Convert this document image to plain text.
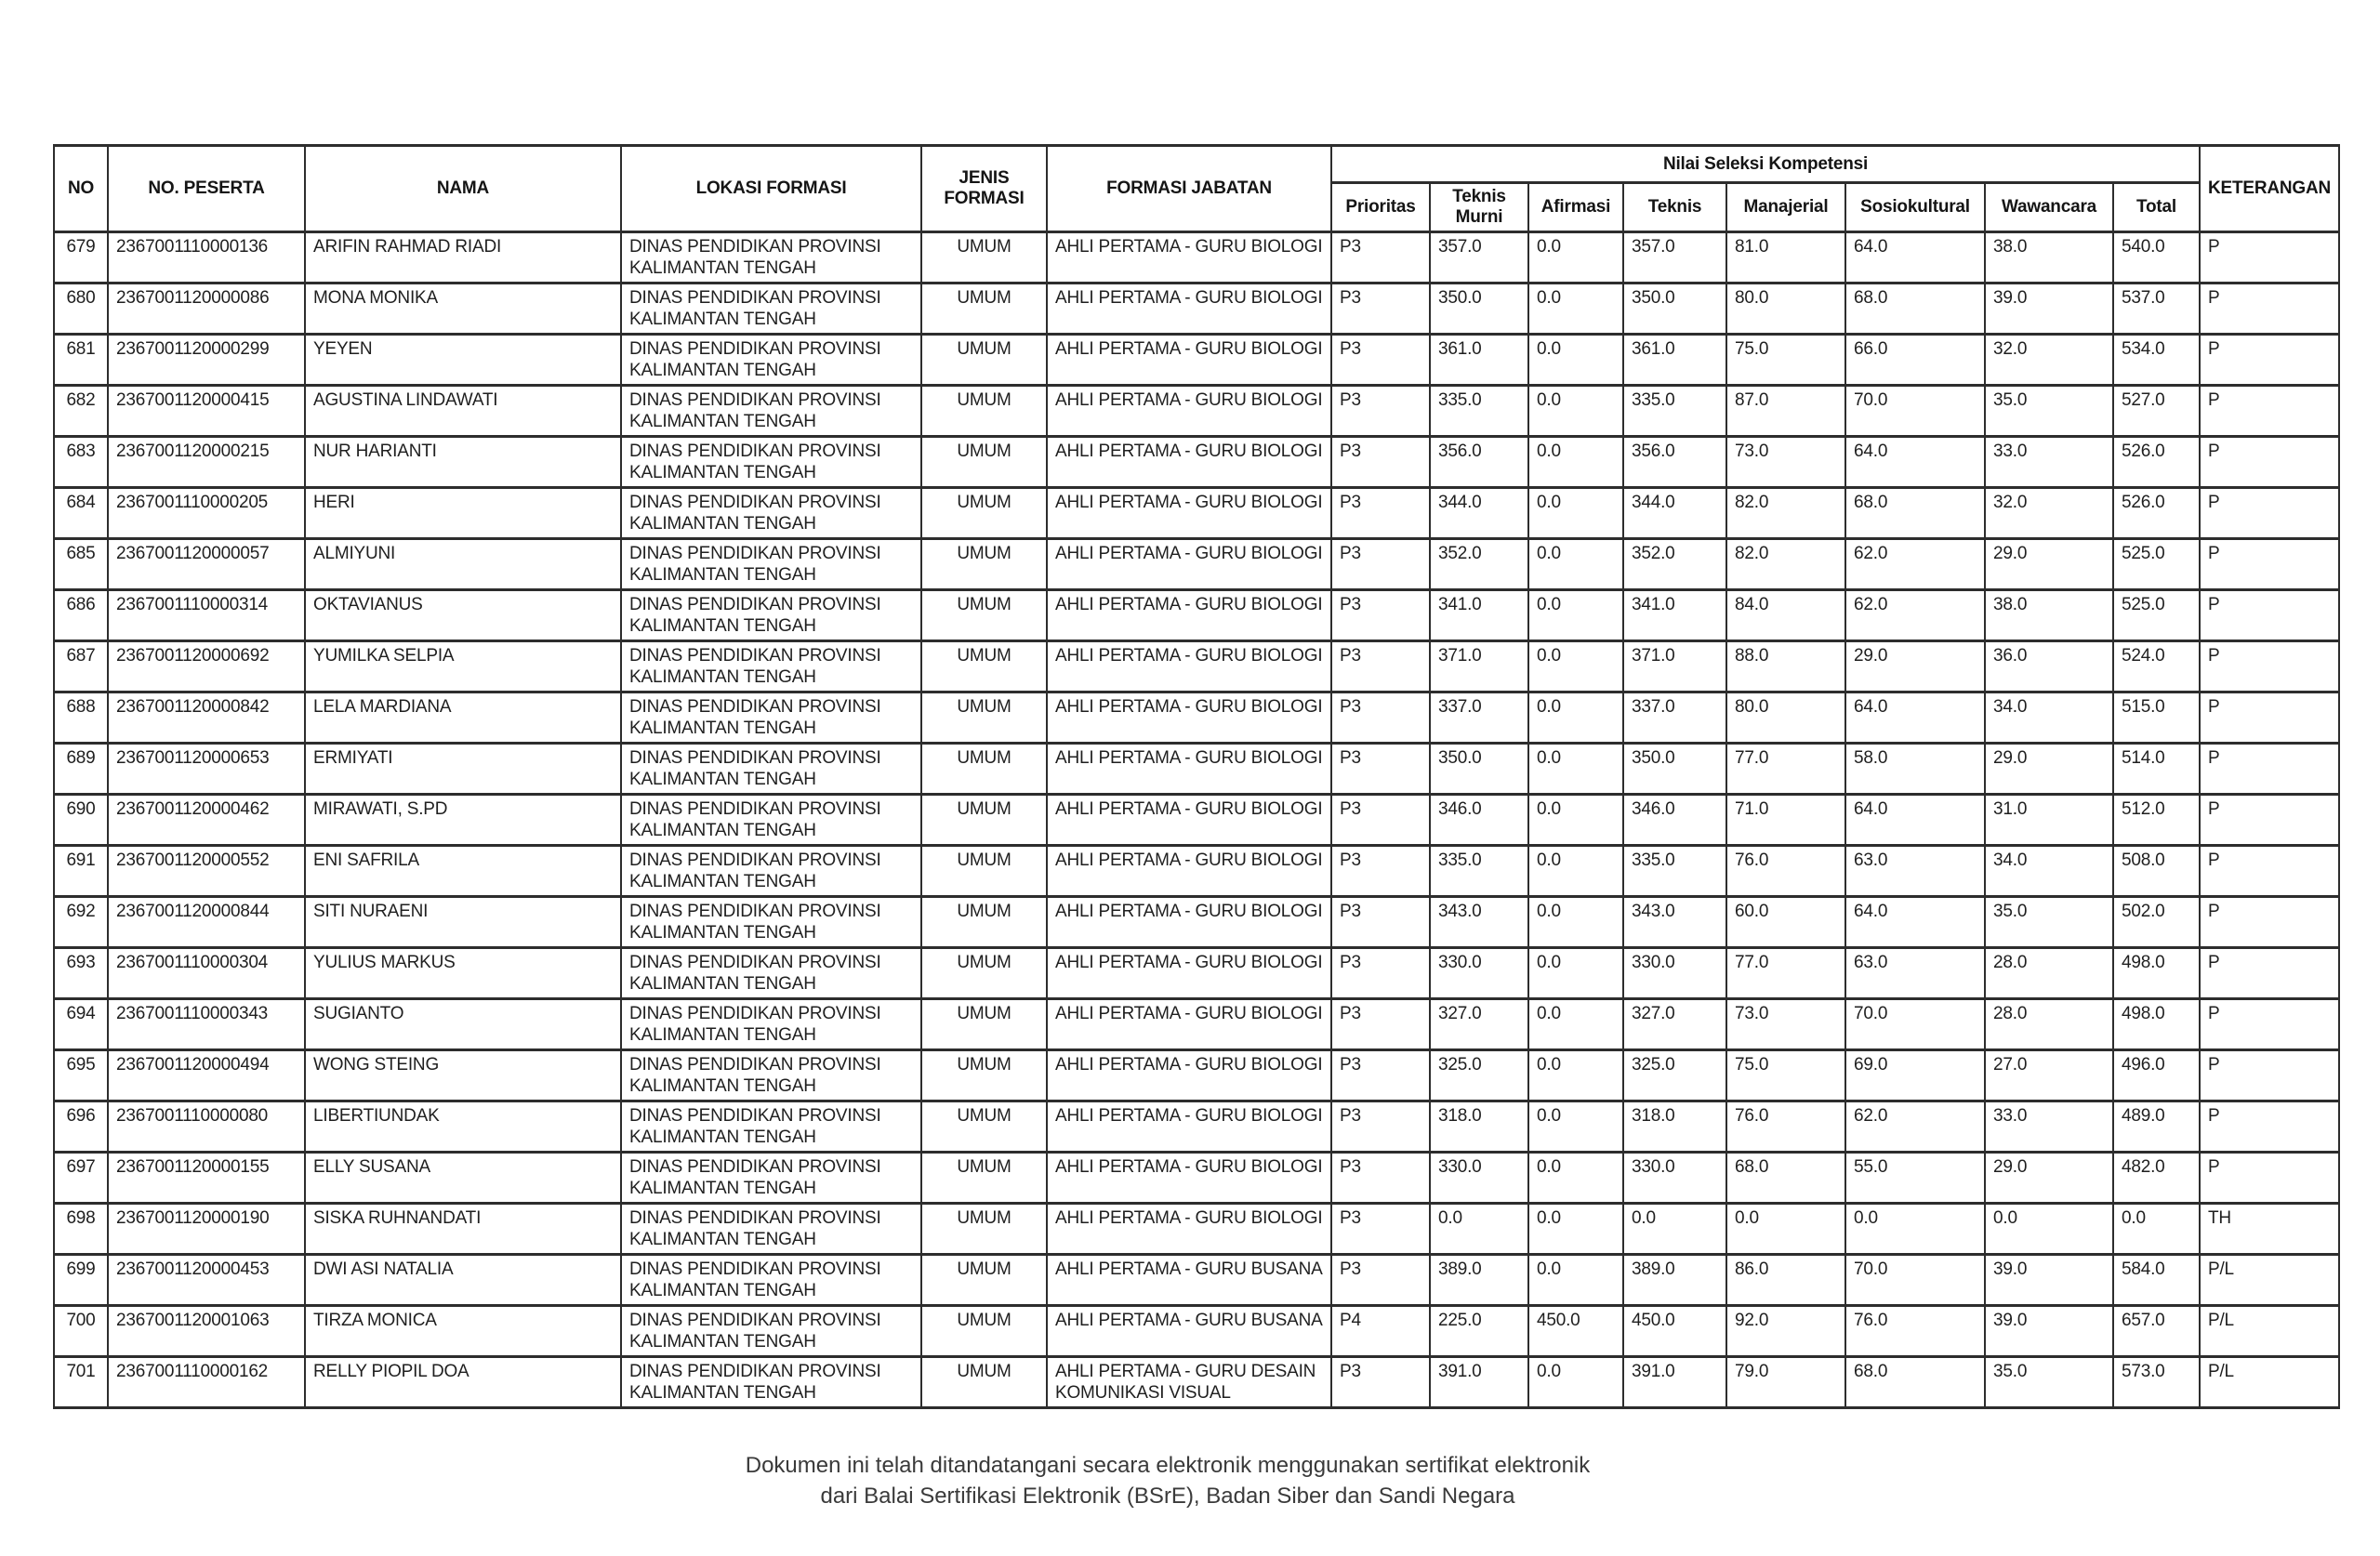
NO	NO. PESERTA	NAMA	LOKASI FORMASI	JENIS FORMASI	FORMASI JABATAN	Nilai Seleksi Kompetensi								KETERANGAN
						Prioritas	Teknis Murni	Afirmasi	Teknis	Manajerial	Sosiokultural	Wawancara	Total	
679	2367001110000136	ARIFIN RAHMAD RIADI	DINAS PENDIDIKAN PROVINSI KALIMANTAN TENGAH	UMUM	AHLI PERTAMA - GURU BIOLOGI	P3	357.0	0.0	357.0	81.0	64.0	38.0	540.0	P
680	2367001120000086	MONA MONIKA	DINAS PENDIDIKAN PROVINSI KALIMANTAN TENGAH	UMUM	AHLI PERTAMA - GURU BIOLOGI	P3	350.0	0.0	350.0	80.0	68.0	39.0	537.0	P
681	2367001120000299	YEYEN	DINAS PENDIDIKAN PROVINSI KALIMANTAN TENGAH	UMUM	AHLI PERTAMA - GURU BIOLOGI	P3	361.0	0.0	361.0	75.0	66.0	32.0	534.0	P
682	2367001120000415	AGUSTINA LINDAWATI	DINAS PENDIDIKAN PROVINSI KALIMANTAN TENGAH	UMUM	AHLI PERTAMA - GURU BIOLOGI	P3	335.0	0.0	335.0	87.0	70.0	35.0	527.0	P
683	2367001120000215	NUR HARIANTI	DINAS PENDIDIKAN PROVINSI KALIMANTAN TENGAH	UMUM	AHLI PERTAMA - GURU BIOLOGI	P3	356.0	0.0	356.0	73.0	64.0	33.0	526.0	P
684	2367001110000205	HERI	DINAS PENDIDIKAN PROVINSI KALIMANTAN TENGAH	UMUM	AHLI PERTAMA - GURU BIOLOGI	P3	344.0	0.0	344.0	82.0	68.0	32.0	526.0	P
685	2367001120000057	ALMIYUNI	DINAS PENDIDIKAN PROVINSI KALIMANTAN TENGAH	UMUM	AHLI PERTAMA - GURU BIOLOGI	P3	352.0	0.0	352.0	82.0	62.0	29.0	525.0	P
686	2367001110000314	OKTAVIANUS	DINAS PENDIDIKAN PROVINSI KALIMANTAN TENGAH	UMUM	AHLI PERTAMA - GURU BIOLOGI	P3	341.0	0.0	341.0	84.0	62.0	38.0	525.0	P
687	2367001120000692	YUMILKA SELPIA	DINAS PENDIDIKAN PROVINSI KALIMANTAN TENGAH	UMUM	AHLI PERTAMA - GURU BIOLOGI	P3	371.0	0.0	371.0	88.0	29.0	36.0	524.0	P
688	2367001120000842	LELA MARDIANA	DINAS PENDIDIKAN PROVINSI KALIMANTAN TENGAH	UMUM	AHLI PERTAMA - GURU BIOLOGI	P3	337.0	0.0	337.0	80.0	64.0	34.0	515.0	P
689	2367001120000653	ERMIYATI	DINAS PENDIDIKAN PROVINSI KALIMANTAN TENGAH	UMUM	AHLI PERTAMA - GURU BIOLOGI	P3	350.0	0.0	350.0	77.0	58.0	29.0	514.0	P
690	2367001120000462	MIRAWATI, S.PD	DINAS PENDIDIKAN PROVINSI KALIMANTAN TENGAH	UMUM	AHLI PERTAMA - GURU BIOLOGI	P3	346.0	0.0	346.0	71.0	64.0	31.0	512.0	P
691	2367001120000552	ENI SAFRILA	DINAS PENDIDIKAN PROVINSI KALIMANTAN TENGAH	UMUM	AHLI PERTAMA - GURU BIOLOGI	P3	335.0	0.0	335.0	76.0	63.0	34.0	508.0	P
692	2367001120000844	SITI NURAENI	DINAS PENDIDIKAN PROVINSI KALIMANTAN TENGAH	UMUM	AHLI PERTAMA - GURU BIOLOGI	P3	343.0	0.0	343.0	60.0	64.0	35.0	502.0	P
693	2367001110000304	YULIUS MARKUS	DINAS PENDIDIKAN PROVINSI KALIMANTAN TENGAH	UMUM	AHLI PERTAMA - GURU BIOLOGI	P3	330.0	0.0	330.0	77.0	63.0	28.0	498.0	P
694	2367001110000343	SUGIANTO	DINAS PENDIDIKAN PROVINSI KALIMANTAN TENGAH	UMUM	AHLI PERTAMA - GURU BIOLOGI	P3	327.0	0.0	327.0	73.0	70.0	28.0	498.0	P
695	2367001120000494	WONG STEING	DINAS PENDIDIKAN PROVINSI KALIMANTAN TENGAH	UMUM	AHLI PERTAMA - GURU BIOLOGI	P3	325.0	0.0	325.0	75.0	69.0	27.0	496.0	P
696	2367001110000080	LIBERTIUNDAK	DINAS PENDIDIKAN PROVINSI KALIMANTAN TENGAH	UMUM	AHLI PERTAMA - GURU BIOLOGI	P3	318.0	0.0	318.0	76.0	62.0	33.0	489.0	P
697	2367001120000155	ELLY SUSANA	DINAS PENDIDIKAN PROVINSI KALIMANTAN TENGAH	UMUM	AHLI PERTAMA - GURU BIOLOGI	P3	330.0	0.0	330.0	68.0	55.0	29.0	482.0	P
698	2367001120000190	SISKA RUHNANDATI	DINAS PENDIDIKAN PROVINSI KALIMANTAN TENGAH	UMUM	AHLI PERTAMA - GURU BIOLOGI	P3	0.0	0.0	0.0	0.0	0.0	0.0	0.0	TH
699	2367001120000453	DWI ASI NATALIA	DINAS PENDIDIKAN PROVINSI KALIMANTAN TENGAH	UMUM	AHLI PERTAMA - GURU BUSANA	P3	389.0	0.0	389.0	86.0	70.0	39.0	584.0	P/L
700	2367001120001063	TIRZA MONICA	DINAS PENDIDIKAN PROVINSI KALIMANTAN TENGAH	UMUM	AHLI PERTAMA - GURU BUSANA	P4	225.0	450.0	450.0	92.0	76.0	39.0	657.0	P/L
701	2367001110000162	RELLY PIOPIL DOA	DINAS PENDIDIKAN PROVINSI KALIMANTAN TENGAH	UMUM	AHLI PERTAMA - GURU DESAIN KOMUNIKASI VISUAL	P3	391.0	0.0	391.0	79.0	68.0	35.0	573.0	P/L
Dokumen ini telah ditandatangani secara elektronik menggunakan sertifikat elektronik
dari Balai Sertifikasi Elektronik (BSrE), Badan Siber dan Sandi Negara
